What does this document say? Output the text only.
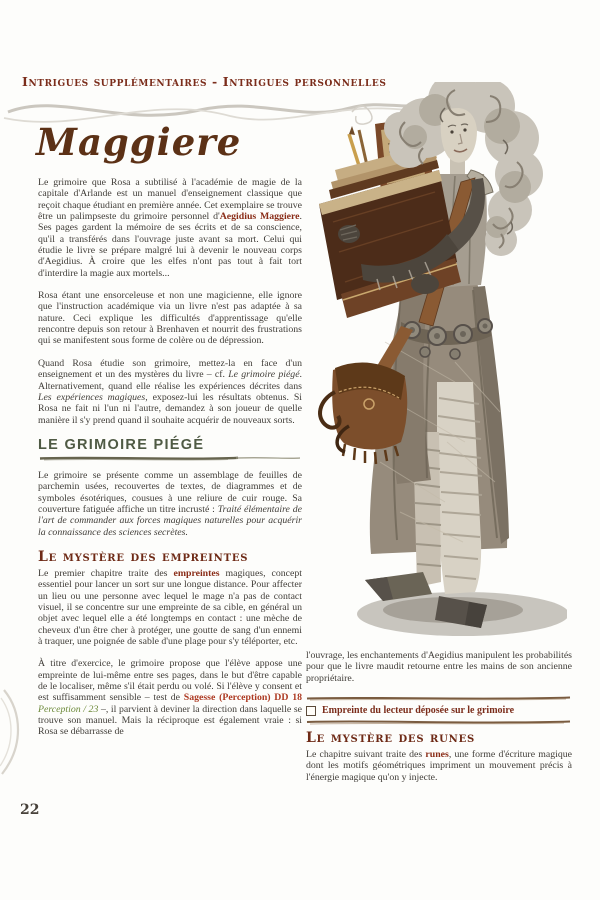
Intrigues supplémentaires - Intrigues personnelles
Maggiere

Le grimoire que Rosa a subtilisé à l'académie de magie de la capitale d'Arlande est un manuel d'enseignement classique que reçoit chaque étudiant en première année. Cet exemplaire se trouve être un palimpseste du grimoire personnel d'Aegidius Maggiere. Ses pages gardent la mémoire de ses écrits et de sa conscience, qu'il a transférés dans l'ouvrage juste avant sa mort. Celui qui étudie le livre se prépare malgré lui à devenir le nouveau corps d'Aegidius. À croire que les elfes n'ont pas tout à fait tort d'interdire la magie aux mortels...

Rosa étant une ensorceleuse et non une magicienne, elle ignore que l'instruction académique via un livre n'est pas adaptée à sa nature. Ceci explique les difficultés d'apprentissage qu'elle rencontre depuis son retour à Brenhaven et nourrit des frustrations qui se manifestent sous forme de colère ou de dépression.

Quand Rosa étudie son grimoire, mettez-la en face d'un enseignement et un des mystères du livre – cf. Le grimoire piégé. Alternativement, quand elle réalise les expériences décrites dans Les expériences magiques, exposez-lui les résultats obtenus. Si Rosa ne fait ni l'un ni l'autre, demandez à son joueur de quelle manière il s'y prend quand il souhaite acquérir de nouveaux sorts.

LE GRIMOIRE PIÉGÉ

Le grimoire se présente comme un assemblage de feuilles de parchemin usées, recouvertes de textes, de diagrammes et de symboles ésotériques, cousues à une reliure de cuir rouge. Sa couverture fatiguée affiche un titre incrusté : Traité élémentaire de l'art de commander aux forces magiques naturelles pour acquérir la connaissance des sciences secrètes.

Le mystère des empreintes

Le premier chapitre traite des empreintes magiques, concept essentiel pour lancer un sort sur une longue distance. Pour affecter un lieu ou une personne avec lequel le mage n'a pas de contact visuel, il se concentre sur une empreinte de sa cible, en général un objet avec lequel elle a été longtemps en contact : une mèche de cheveux d'un être cher à protéger, une goutte de sang d'un ennemi à traquer, une poignée de sable d'une plage pour s'y téléporter, etc.

À titre d'exercice, le grimoire propose que l'élève appose une empreinte de lui-même entre ses pages, dans le but d'être capable de le localiser, même s'il était perdu ou volé. Si l'élève y consent et est suffisamment sensible – test de Sagesse (Perception) DD 18 Perception / 23 –, il parvient à deviner la direction dans laquelle se trouve son manuel. Mais la réciproque est également vraie : si Rosa se débarrasse de

l'ouvrage, les enchantements d'Aegidius manipulent les probabilités pour que le livre maudit retourne entre les mains de son ancienne propriétaire.

Empreinte du lecteur déposée sur le grimoire
Le mystère des runes

Le chapitre suivant traite des runes, une forme d'écriture magique dont les motifs géométriques impriment un mouvement précis à l'énergie magique qu'on y injecte.

22
